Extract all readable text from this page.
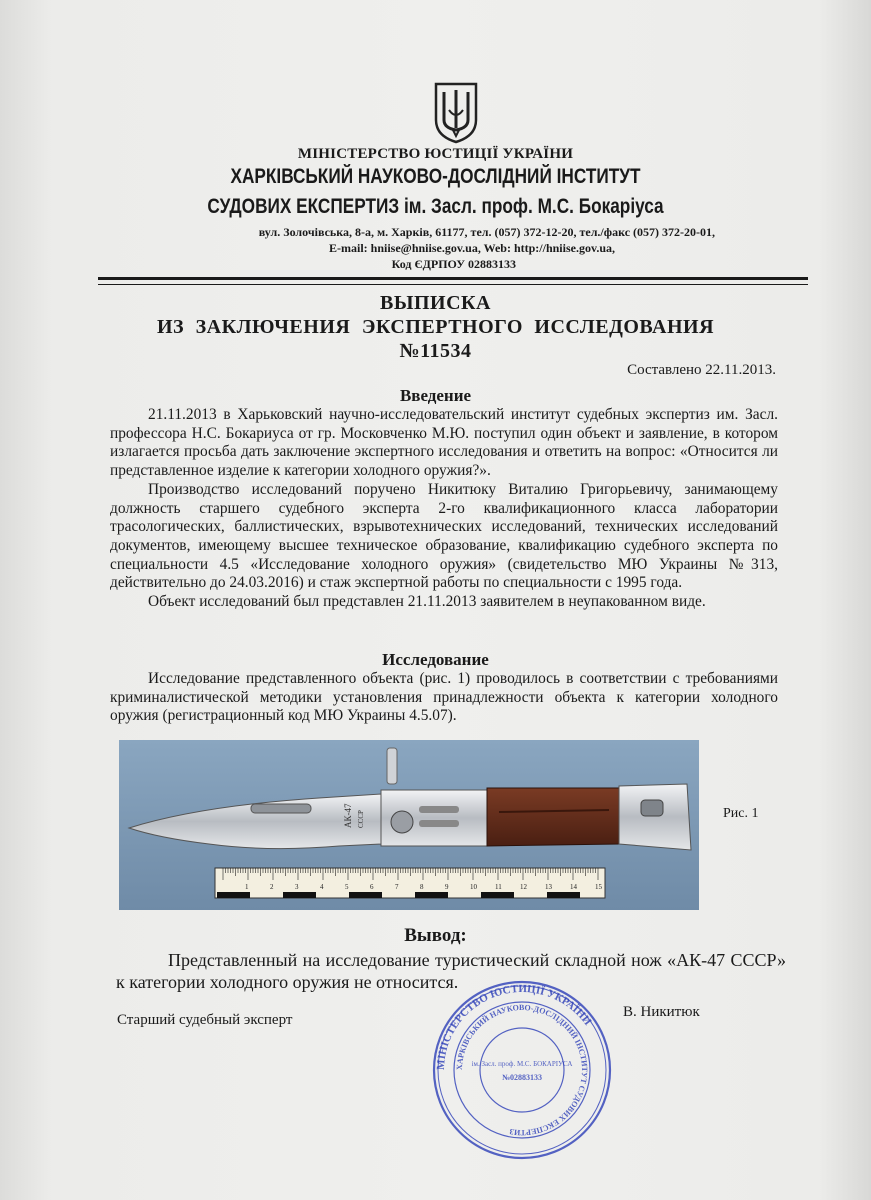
МІНІСТЕРСТВО ЮСТИЦІЇ УКРАЇНИ
ХАРКІВСЬКИЙ НАУКОВО-ДОСЛІДНИЙ ІНСТИТУТ
СУДОВИХ ЕКСПЕРТИЗ ім. Засл. проф. М.С. Бокаріуса
вул. Золочівська, 8-а, м. Харків, 61177, тел. (057) 372-12-20, тел./факс (057) 372-20-01,
E-mail: hniise@hniise.gov.ua, Web: http://hniise.gov.ua,
Код ЄДРПОУ 02883133
ВЫПИСКА
ИЗ ЗАКЛЮЧЕНИЯ ЭКСПЕРТНОГО ИССЛЕДОВАНИЯ
№11534
Составлено 22.11.2013.
Введение

21.11.2013 в Харьковский научно-исследовательский институт судебных экспертиз им. Засл. профессора Н.С. Бокариуса от гр. Московченко М.Ю. поступил один объект и заявление, в котором излагается просьба дать заключение экспертного исследования и ответить на вопрос: «Относится ли представленное изделие к категории холодного оружия?».

Производство исследований поручено Никитюку Виталию Григорьевичу, занимающему должность старшего судебного эксперта 2-го квалификационного класса лаборатории трасологических, баллистических, взрывотехнических исследований, технических исследований документов, имеющему высшее техническое образование, квалификацию судебного эксперта по специальности 4.5 «Исследование холодного оружия» (свидетельство МЮ Украины №313, действительно до 24.03.2016) и стаж экспертной работы по специальности с 1995 года.

Объект исследований был представлен 21.11.2013 заявителем в неупакованном виде.

Исследование

Исследование представленного объекта (рис. 1) проводилось в соответствии с требованиями криминалистической методики установления принадлежности объекта к категории холодного оружия (регистрационный код МЮ Украины 4.5.07).

АК-47 СССР
1	2	3	4	5	6	7	8	9	10	11	12	13	14	15
Рис. 1
Вывод:

Представленный на исследование туристический складной нож «АК-47 СССР» к категории холодного оружия не относится.

Старший судебный эксперт	В. Никитюк
МІНІСТЕРСТВО ЮСТИЦІЇ УКРАЇНИ
ХАРКІВСЬКИЙ НАУКОВО-ДОСЛІДНИЙ ІНСТИТУТ СУДОВИХ ЕКСПЕРТИЗ
ім. Засл. проф. М.С. БОКАРІУСА
№02883133
